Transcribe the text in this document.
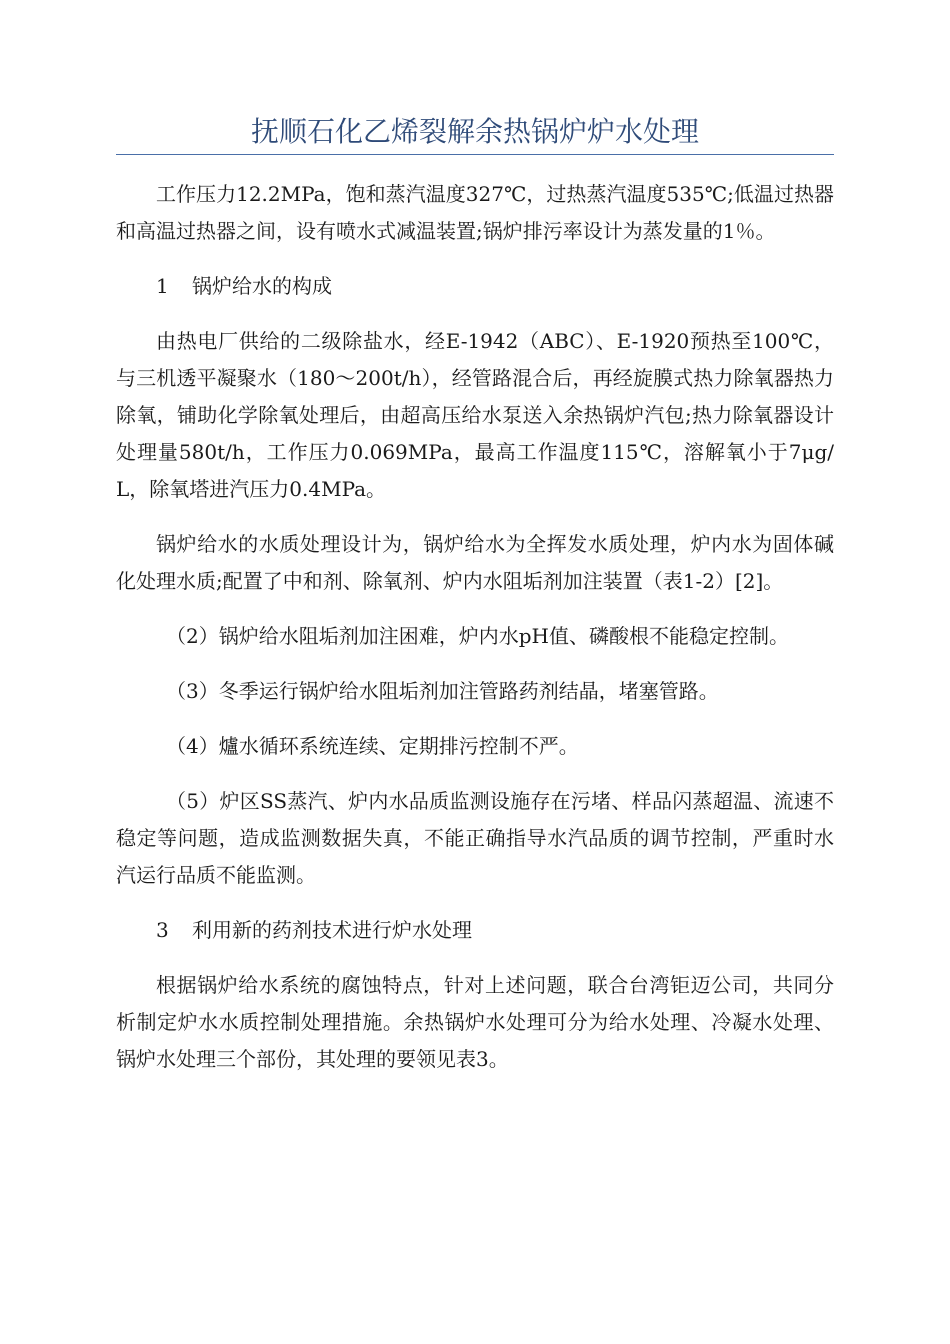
抚顺石化乙烯裂解余热锅炉炉水处理

工作压力12.2MPa，饱和蒸汽温度327℃，过热蒸汽温度535℃;低温过热器和高温过热器之间，设有喷水式减温装置;锅炉排污率设计为蒸发量的1％。

1 锅炉给水的构成

由热电厂供给的二级除盐水，经E-1942（ABC）、E-1920预热至100℃，与三机透平凝聚水（180～200t/h），经管路混合后，再经旋膜式热力除氧器热力除氧，铺助化学除氧处理后，由超高压给水泵送入余热锅炉汽包;热力除氧器设计处理量580t/h，工作压力0.069MPa，最高工作温度115℃，溶解氧小于7μg/L，除氧塔进汽压力0.4MPa。

锅炉给水的水质处理设计为，锅炉给水为全挥发水质处理，炉内水为固体碱化处理水质;配置了中和剂、除氧剂、炉内水阻垢剂加注装置（表1-2）[2]。

（2）锅炉给水阻垢剂加注困难，炉内水pH值、磷酸根不能稳定控制。

（3）冬季运行锅炉给水阻垢剂加注管路药剂结晶，堵塞管路。

（4）爐水循环系统连续、定期排污控制不严。

（5）炉区SS蒸汽、炉内水品质监测设施存在污堵、样品闪蒸超温、流速不稳定等问题，造成监测数据失真，不能正确指导水汽品质的调节控制，严重时水汽运行品质不能监测。

3 利用新的药剂技术进行炉水处理

根据锅炉给水系统的腐蚀特点，针对上述问题，联合台湾钜迈公司，共同分析制定炉水水质控制处理措施。余热锅炉水处理可分为给水处理、冷凝水处理、锅炉水处理三个部份，其处理的要领见表3。
